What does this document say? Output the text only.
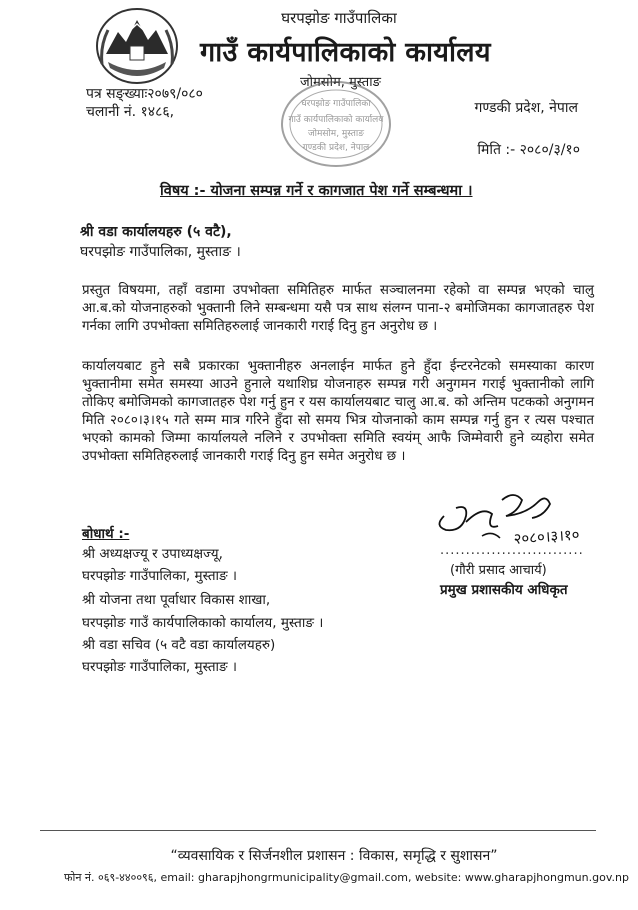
घरपझोङ गाउँपालिका
गाउँ कार्यपालिकाको कार्यालय
जोमसोम, मुस्ताङ
पत्र सङ्ख्याः२०७९/०८०
चलानी नं. १४८६,	गण्डकी प्रदेश, नेपाल
मिति :- २०८०/३/१०
घरपझोङ गाउँपालिका
गाउँ कार्यपालिकाको कार्यालय
जोमसोम, मुस्ताङ
गण्डकी प्रदेश, नेपाल
विषय :- योजना सम्पन्न गर्ने र कागजात पेश गर्ने सम्बन्धमा ।
श्री वडा कार्यालयहरु (५ वटै),
घरपझोङ गाउँपालिका, मुस्ताङ ।
प्रस्तुत विषयमा, तहाँ वडामा उपभोक्ता समितिहरु मार्फत सञ्चालनमा रहेको वा सम्पन्न भएको चालु आ.ब.को योजनाहरुको भुक्तानी लिने सम्बन्धमा यसै पत्र साथ संलग्न पाना-२ बमोजिमका कागजातहरु पेश गर्नका लागि उपभोक्ता समितिहरुलाई जानकारी गराई दिनु हुन अनुरोध छ ।
कार्यालयबाट हुने सबै प्रकारका भुक्तानीहरु अनलाईन मार्फत हुने हुँदा ईन्टरनेटको समस्याका कारण भुक्तानीमा समेत समस्या आउने हुनाले यथाशिघ्र योजनाहरु सम्पन्न गरी अनुगमन गराई भुक्तानीको लागि तोकिए बमोजिमको कागजातहरु पेश गर्नु हुन र यस कार्यालयबाट चालु आ.ब. को अन्तिम पटकको अनुगमन मिति २०८०।३।१५ गते सम्म मात्र गरिने हुँदा सो समय भित्र योजनाको काम सम्पन्न गर्नु हुन र त्यस पश्चात भएको कामको जिम्मा कार्यालयले नलिने र उपभोक्ता समिति स्वयंम् आफै जिम्मेवारी हुने व्यहोरा समेत उपभोक्ता समितिहरुलाई जानकारी गराई दिनु हुन समेत अनुरोध छ ।
२०८०।३।१०
............................
(गौरी प्रसाद आचार्य)
प्रमुख प्रशासकीय अधिकृत
बोधार्थ :-
श्री अध्यक्षज्यू र उपाध्यक्षज्यू,
घरपझोङ गाउँपालिका, मुस्ताङ ।
श्री योजना तथा पूर्वाधार विकास शाखा,
घरपझोङ गाउँ कार्यपालिकाको कार्यालय, मुस्ताङ ।
श्री वडा सचिव (५ वटै वडा कार्यालयहरु)
घरपझोङ गाउँपालिका, मुस्ताङ ।
“व्यवसायिक र सिर्जनशील प्रशासन : विकास, समृद्धि र सुशासन”
फोन नं. ०६९-४४००९६, email: gharapjhongrmunicipality@gmail.com, website: www.gharapjhongmun.gov.np
